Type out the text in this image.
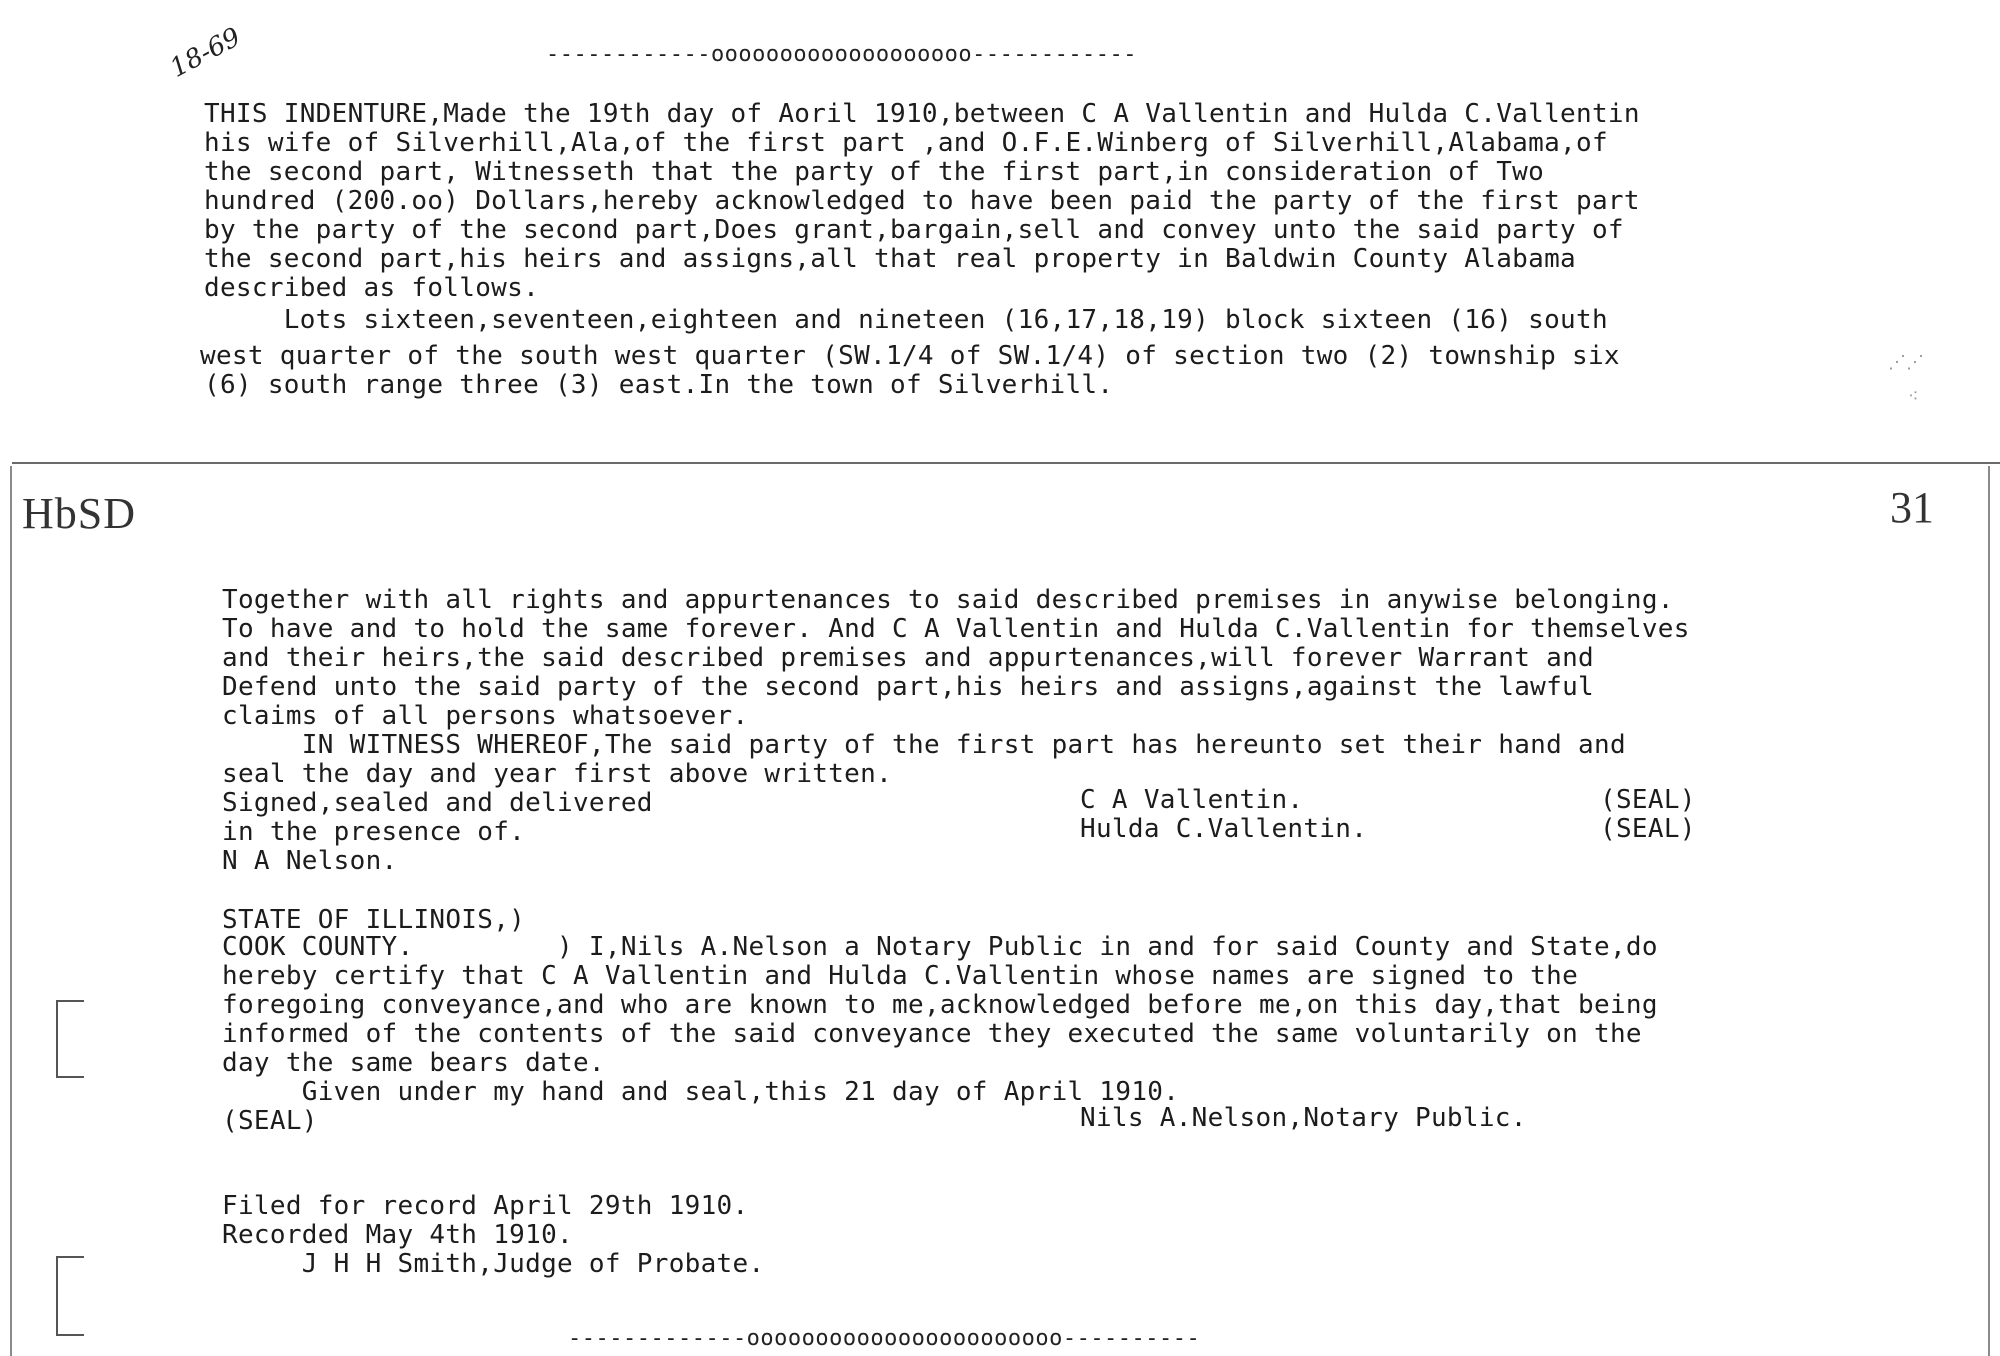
18-69	------------ooooooooooooooooooo------------
THIS INDENTURE,Made the 19th day of Aoril 1910,between C A Vallentin and Hulda C.Vallentin
his wife of Silverhill,Ala,of the first part ,and O.F.E.Winberg of Silverhill,Alabama,of
the second part, Witnesseth that the party of the first part,in consideration of Two
hundred (200.oo) Dollars,hereby acknowledged to have been paid the party of the first part
by the party of the second part,Does grant,bargain,sell and convey unto the said party of
the second part,his heirs and assigns,all that real property in Baldwin County Alabama
described as follows.
Lots sixteen,seventeen,eighteen and nineteen (16,17,18,19) block sixteen (16) south
west quarter of the south west quarter (SW.1/4 of SW.1/4) of section two (2) township six
(6) south range three (3) east.In the town of Silverhill.
HbSD	31
Together with all rights and appurtenances to said described premises in anywise belonging.
To have and to hold the same forever. And C A Vallentin and Hulda C.Vallentin for themselves
and their heirs,the said described premises and appurtenances,will forever Warrant and
Defend unto the said party of the second part,his heirs and assigns,against the lawful
claims of all persons whatsoever.
IN WITNESS WHEREOF,The said party of the first part has hereunto set their hand and
seal the day and year first above written.
Signed,sealed and delivered
in the presence of.
N A Nelson.
C A Vallentin.
Hulda C.Vallentin.
(SEAL)
(SEAL)
STATE OF ILLINOIS,)
COOK COUNTY.         ) I,Nils A.Nelson a Notary Public in and for said County and State,do
hereby certify that C A Vallentin and Hulda C.Vallentin whose names are signed to the
foregoing conveyance,and who are known to me,acknowledged before me,on this day,that being
informed of the contents of the said conveyance they executed the same voluntarily on the
day the same bears date.
Given under my hand and seal,this 21 day of April 1910.
(SEAL)	Nils A.Nelson,Notary Public.
Filed for record April 29th 1910.
Recorded May 4th 1910.
J H H Smith,Judge of Probate.
-------------ooooooooooooooooooooooo----------
⋰⋰
⁖
